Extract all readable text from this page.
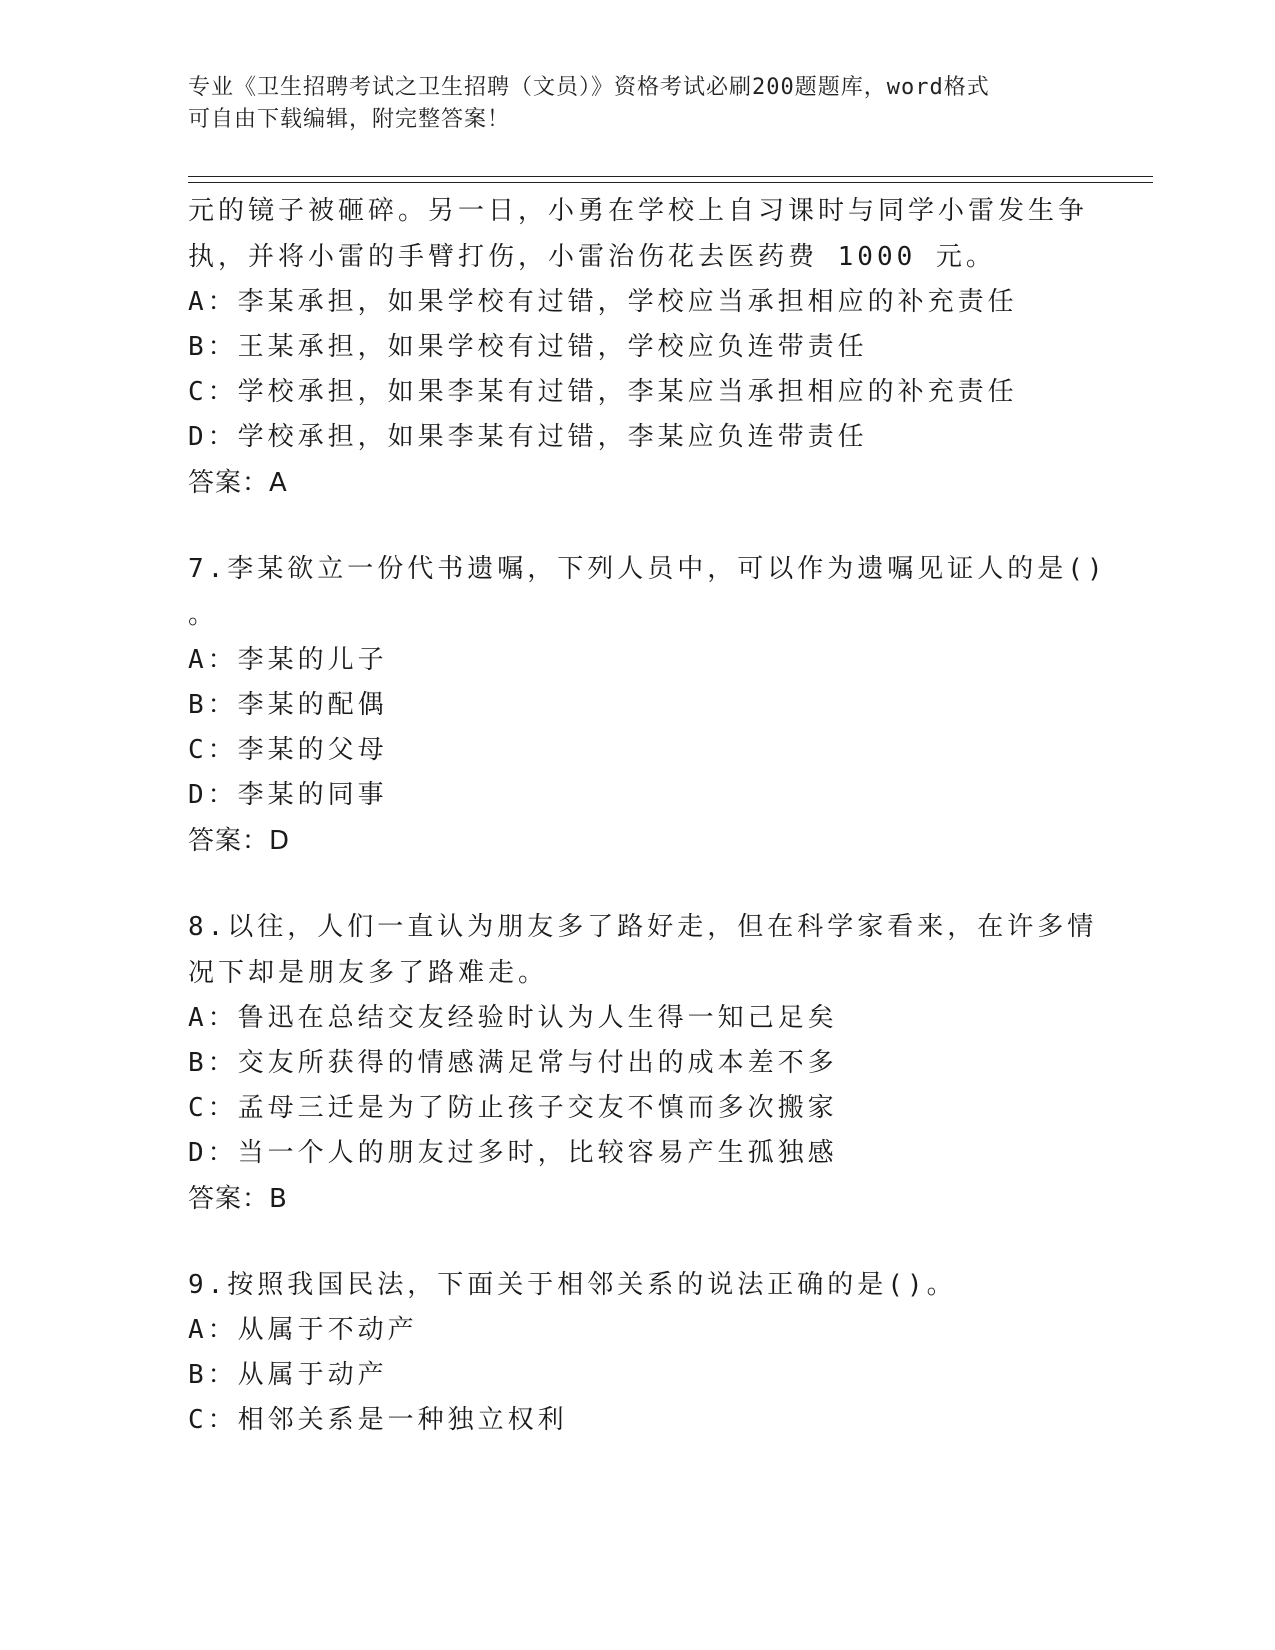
专业《卫生招聘考试之卫生招聘（文员）》资格考试必刷200题题库，word格式
可自由下载编辑，附完整答案！
元的镜子被砸碎。另一日，小勇在学校上自习课时与同学小雷发生争
执，并将小雷的手臂打伤，小雷治伤花去医药费 1000 元。
A：李某承担，如果学校有过错，学校应当承担相应的补充责任
B：王某承担，如果学校有过错，学校应负连带责任
C：学校承担，如果李某有过错，李某应当承担相应的补充责任
D：学校承担，如果李某有过错，李某应负连带责任
答案：A
7.李某欲立一份代书遗嘱，下列人员中，可以作为遗嘱见证人的是()
。
A：李某的儿子
B：李某的配偶
C：李某的父母
D：李某的同事
答案：D
8.以往，人们一直认为朋友多了路好走，但在科学家看来，在许多情
况下却是朋友多了路难走。
A：鲁迅在总结交友经验时认为人生得一知己足矣
B：交友所获得的情感满足常与付出的成本差不多
C：孟母三迁是为了防止孩子交友不慎而多次搬家
D：当一个人的朋友过多时，比较容易产生孤独感
答案：B
9.按照我国民法，下面关于相邻关系的说法正确的是()。
A：从属于不动产
B：从属于动产
C：相邻关系是一种独立权利
